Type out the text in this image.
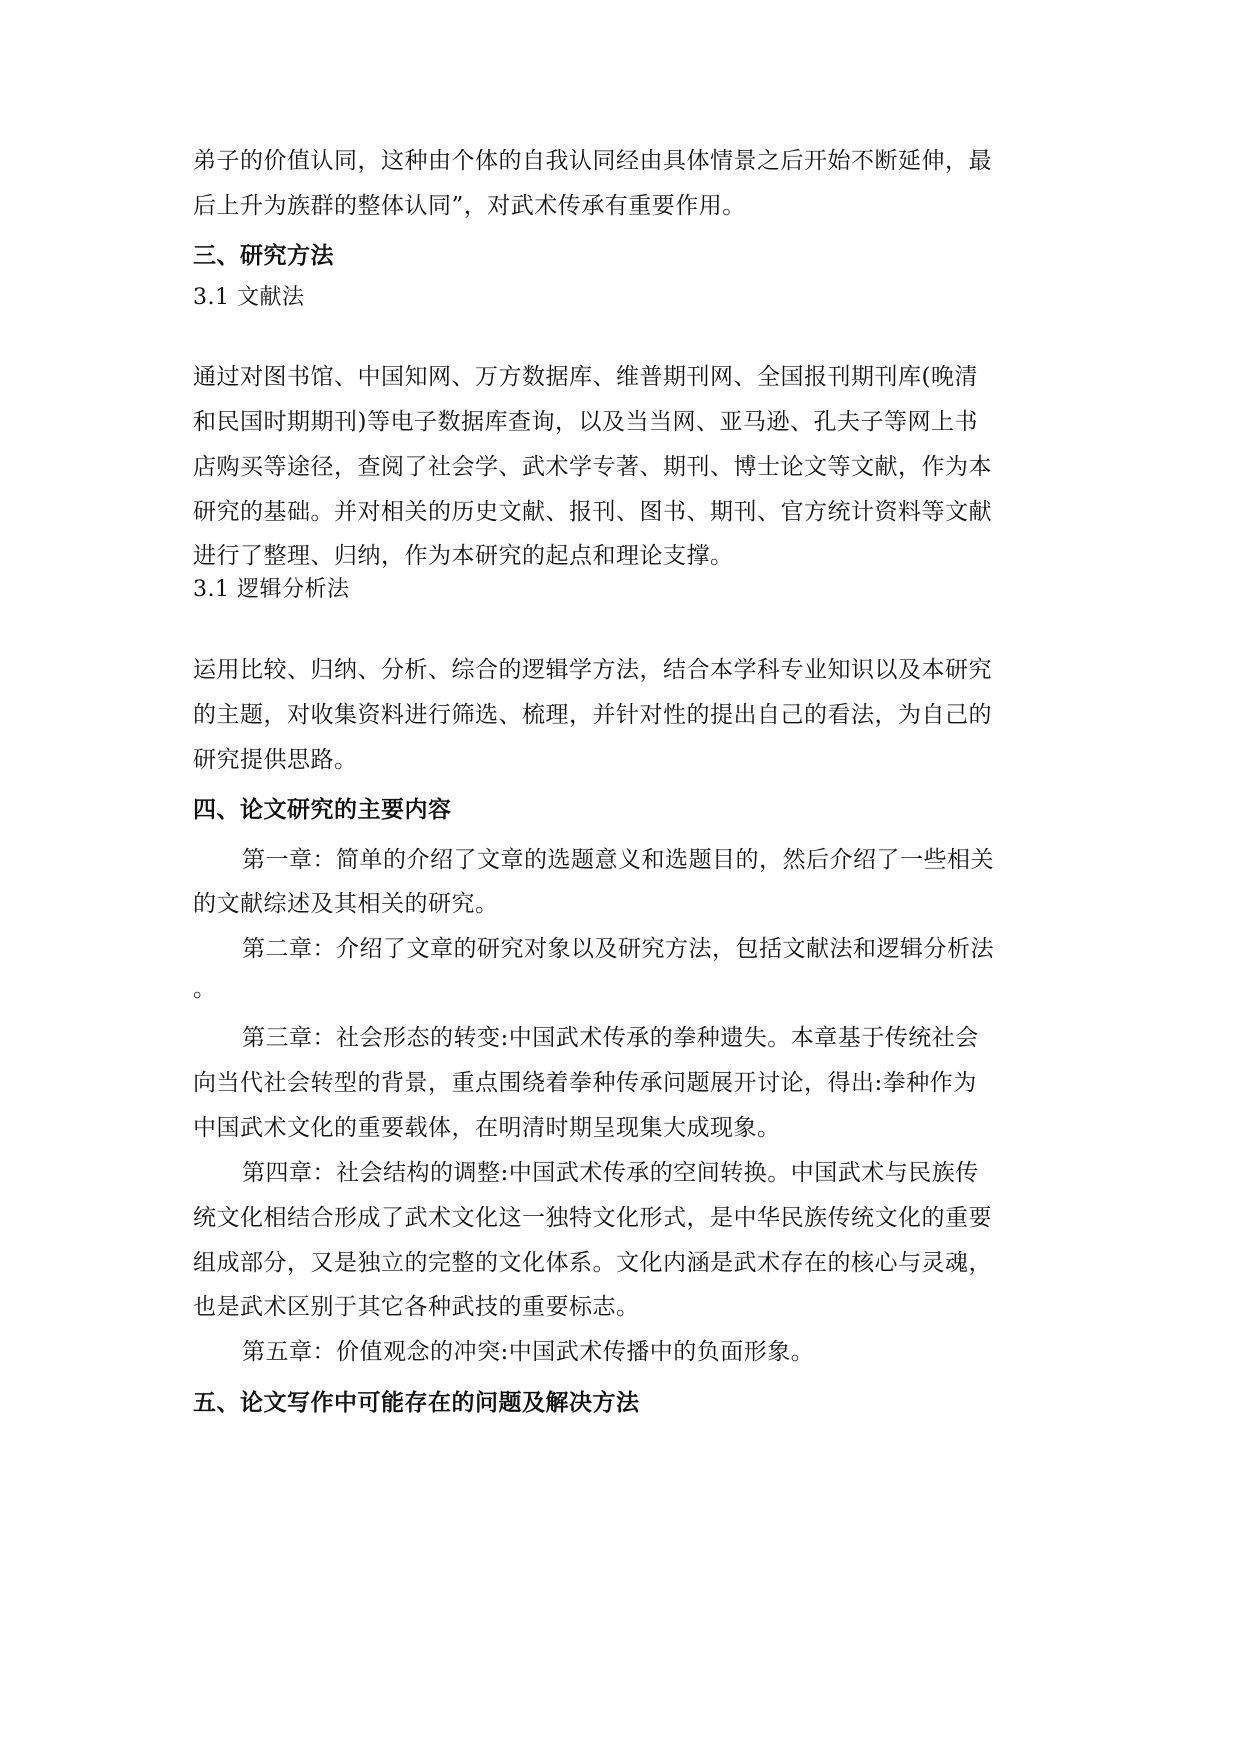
弟子的价值认同，这种由个体的自我认同经由具体情景之后开始不断延伸，最
后上升为族群的整体认同”，对武术传承有重要作用。
三、研究方法
3.1 文献法
通过对图书馆、中国知网、万方数据库、维普期刊网、全国报刊期刊库(晚清
和民国时期期刊)等电子数据库查询，以及当当网、亚马逊、孔夫子等网上书
店购买等途径，查阅了社会学、武术学专著、期刊、博士论文等文献，作为本
研究的基础。并对相关的历史文献、报刊、图书、期刊、官方统计资料等文献
进行了整理、归纳，作为本研究的起点和理论支撑。
3.1 逻辑分析法
运用比较、归纳、分析、综合的逻辑学方法，结合本学科专业知识以及本研究
的主题，对收集资料进行筛选、梳理，并针对性的提出自己的看法，为自己的
研究提供思路。
四、论文研究的主要内容
第一章：简单的介绍了文章的选题意义和选题目的，然后介绍了一些相关
的文献综述及其相关的研究。
第二章：介绍了文章的研究对象以及研究方法，包括文献法和逻辑分析法
。
第三章：社会形态的转变:中国武术传承的拳种遗失。本章基于传统社会
向当代社会转型的背景，重点围绕着拳种传承问题展开讨论，得出:拳种作为
中国武术文化的重要载体，在明清时期呈现集大成现象。
第四章：社会结构的调整:中国武术传承的空间转换。中国武术与民族传
统文化相结合形成了武术文化这一独特文化形式，是中华民族传统文化的重要
组成部分，又是独立的完整的文化体系。文化内涵是武术存在的核心与灵魂，
也是武术区别于其它各种武技的重要标志。
第五章：价值观念的冲突:中国武术传播中的负面形象。
五、论文写作中可能存在的问题及解决方法
